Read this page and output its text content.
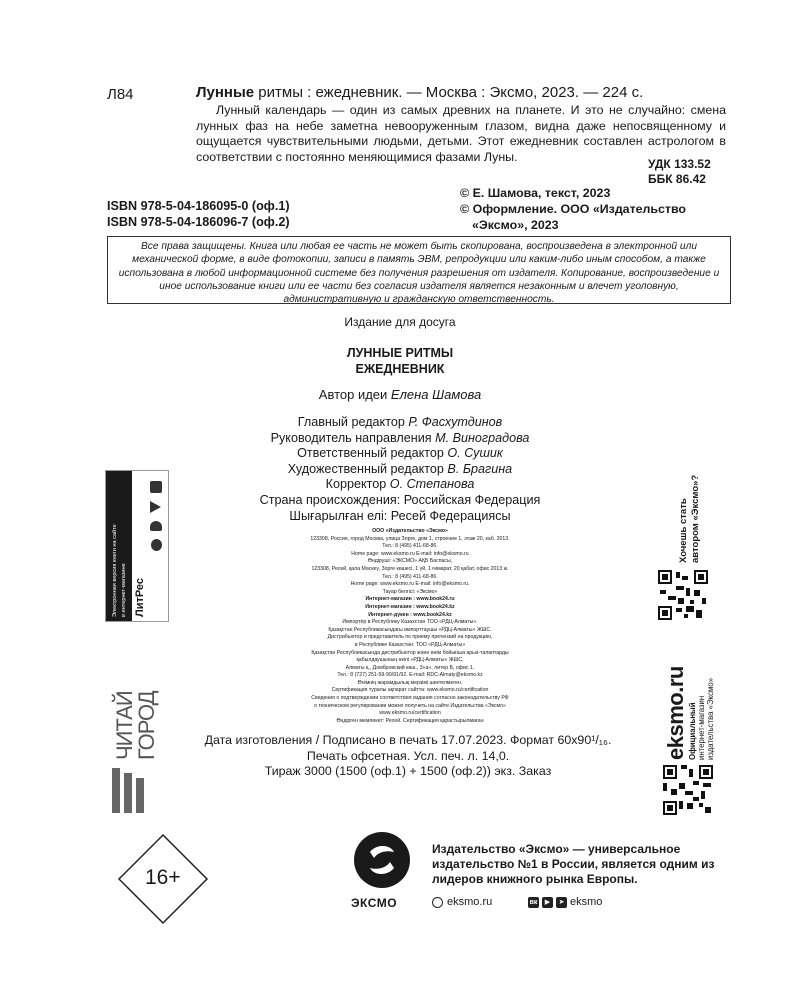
Л84	Лунные ритмы : ежедневник. — Москва : Эксмо, 2023. — 224 с.
Лунный календарь — один из самых древних на планете. И это не случайно: смена лунных фаз на небе заметна невооруженным глазом, видна даже непосвященному и ощущается чувствительными людьми, детьми. Этот ежедневник составлен астрологом в соответствии с постоянно меняющимися фазами Луны.
УДК 133.52
ББК 86.42
ISBN 978-5-04-186095-0 (оф.1)
ISBN 978-5-04-186096-7 (оф.2)
© Е. Шамова, текст, 2023
© Оформление. ООО «Издательство
«Эксмо», 2023
Все права защищены. Книга или любая ее часть не может быть скопирована, воспроизведена в электронной или механической форме, в виде фотокопии, записи в память ЭВМ, репродукции или каким-либо иным способом, а также использована в любой информационной системе без получения разрешения от издателя. Копирование, воспроизведение и иное использование книги или ее части без согласия издателя является незаконным и влечет уголовную, административную и гражданскую ответственность.
Издание для досуга
ЛУННЫЕ РИТМЫ
ЕЖЕДНЕВНИК
Автор идеи Елена Шамова
Главный редактор Р. Фасхутдинов
Руководитель направления М. Виноградова
Ответственный редактор О. Сушик
Художественный редактор В. Брагина
Корректор О. Степанова
Страна происхождения: Российская Федерация
Шығарылған елі: Ресей Федерациясы
ООО «Издательство «Эксмо»
123308, Россия, город Москва, улица Зорге, дом 1, строение 1, этаж 20, каб. 2013.
Тел.: 8 (495) 411-68-86.
Home page: www.eksmo.ru E-mail: info@eksmo.ru
Өндіруші: «ЭКСМО» АҚБ Баспасы,
123308, Ресей, қала Мәскеу, Зорге көшесі, 1 үй, 1 ғимарат, 20 қабат, офис 2013 ж.
Тел.: 8 (495) 411-68-86.
Home page: www.eksmo.ru E-mail: info@eksmo.ru.
Тауар белгісі: «Эксмо»
Интернет-магазин : www.book24.ru
Интернет-магазин : www.book24.kz
Интернет-дүкен : www.book24.kz
Импортёр в Республику Казахстан ТОО «РДЦ-Алматы».
Қазақстан Республикасындағы импорттаушы «РДЦ-Алматы» ЖШС.
Дистрибьютор и представитель по приему претензий на продукцию,
в Республике Казахстан: ТОО «РДЦ-Алматы»
Қазақстан Республикасында дистрибьютор және өнім бойынша арыз-талаптарды
қабылдаушының өкілі «РДЦ-Алматы» ЖШС,
Алматы қ., Домбровский көш., 3«а», литер Б, офис 1.
Тел.: 8 (727) 251-59-90/91/92. E-mail: RDC-Almaty@eksmo.kz
Өнімнің жарамдылық мерзімі шектелмеген.
Сертификация туралы ақпарат сайтта: www.eksmo.ru/certification
Сведения о подтверждении соответствия издания согласно законодательству РФ
о техническом регулировании можно получить на сайте Издательства «Эксмо»
www.eksmo.ru/certification
Өндірген мемлекет: Ресей. Сертификация қарастырылмаған
Дата изготовления / Подписано в печать 17.07.2023. Формат 60x90¹/₁₆.
Печать офсетная. Усл. печ. л. 14,0.
Тираж 3000 (1500 (оф.1) + 1500 (оф.2)) экз. Заказ
Электронная версия книги на сайте в интернет-магазине ЛитРес
ЧИТАЙ
ГОРОД
Хочешь стать автором «Эксмо»?
eksmo.ru Официальный интернет-магазин издательства «Эксмо»
16+
ЭКСМО
Издательство «Эксмо» — универсальное издательство №1 в России, является одним из лидеров книжного рынка Европы.
eksmo.ru	вк	▶	➤ eksmo
